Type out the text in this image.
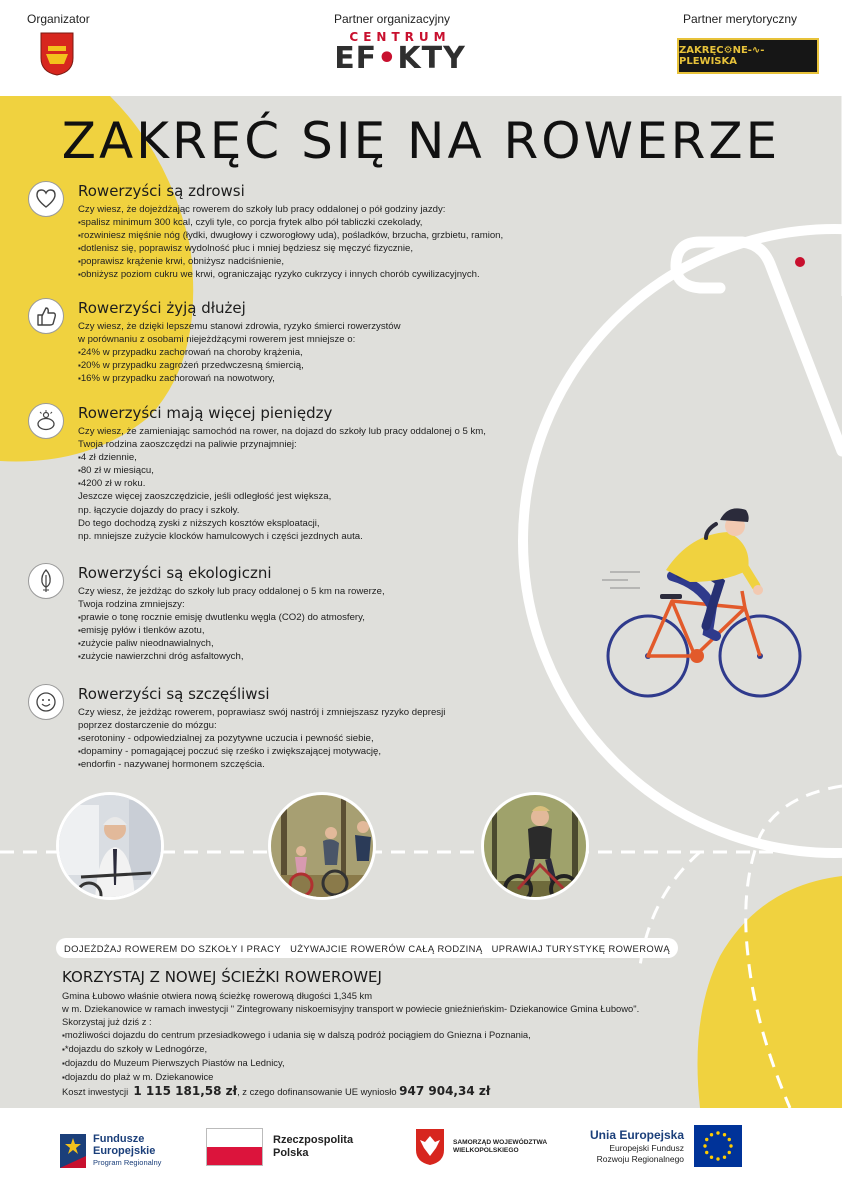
Organizator	Partner organizacyjny	Partner merytoryczny
CENTRUM
EF•KTY	ZAKRĘC⚙NE-∿-PLEWISKA
ZAKRĘĆ SIĘ NA ROWERZE
Rowerzyści są zdrowsi
Czy wiesz, że dojeżdżając rowerem do szkoły lub pracy oddalonej o pół godziny jazdy:
▪ spalisz minimum 300 kcal, czyli tyle, co porcja frytek albo pół tabliczki czekolady,
▪ rozwiniesz mięśnie nóg (łydki, dwugłowy i czworogłowy uda), pośladków, brzucha, grzbietu, ramion,
▪ dotlenisz się, poprawisz wydolność płuc i mniej będziesz się męczyć fizycznie,
▪ poprawisz krążenie krwi, obniżysz nadciśnienie,
▪ obniżysz poziom cukru we krwi, ograniczając ryzyko cukrzycy i innych chorób cywilizacyjnych.
Rowerzyści żyją dłużej
Czy wiesz, że dzięki lepszemu stanowi zdrowia, ryzyko śmierci rowerzystów
w porównaniu z osobami niejeżdżącymi rowerem jest mniejsze o:
▪ 24% w przypadku zachorowań na choroby krążenia,
▪ 20% w przypadku zagrożeń przedwczesną śmiercią,
▪ 16% w przypadku zachorowań na nowotwory,
Rowerzyści mają więcej pieniędzy
Czy wiesz, że zamieniając samochód na rower, na dojazd do szkoły lub pracy oddalonej o 5 km,
Twoja rodzina zaoszczędzi na paliwie przynajmniej:
▪ 4 zł dziennie,
▪ 80 zł w miesiącu,
▪ 4200 zł w roku.
Jeszcze więcej zaoszczędzicie, jeśli odległość jest większa,
np. łączycie dojazdy do pracy i szkoły.
Do tego dochodzą zyski z niższych kosztów eksploatacji,
np. mniejsze zużycie klocków hamulcowych i części jezdnych auta.
Rowerzyści są ekologiczni
Czy wiesz, że jeżdżąc do szkoły lub pracy oddalonej o 5 km na rowerze,
Twoja rodzina zmniejszy:
▪ prawie o tonę rocznie emisję dwutlenku węgla (CO2) do atmosfery,
▪ emisję pyłów i tlenków azotu,
▪ zużycie paliw nieodnawialnych,
▪ zużycie nawierzchni dróg asfaltowych,
Rowerzyści są szczęśliwsi
Czy wiesz, że jeżdżąc rowerem, poprawiasz swój nastrój i zmniejszasz ryzyko depresji
poprzez dostarczenie do mózgu:
▪ serotoniny - odpowiedzialnej za pozytywne uczucia i pewność siebie,
▪ dopaminy - pomagającej poczuć się rześko i zwiększającej motywację,
▪ endorfin - nazywanej hormonem szczęścia.
DOJEŻDŻAJ ROWEREM DO SZKOŁY I PRACY UŻYWAJCIE ROWERÓW CAŁĄ RODZINĄ UPRAWIAJ TURYSTYKĘ ROWEROWĄ
KORZYSTAJ Z NOWEJ ŚCIEŻKI ROWEROWEJ
Gmina Łubowo właśnie otwiera nową ścieżkę rowerową długości 1,345 km
w m. Dziekanowice w ramach inwestycji " Zintegrowany niskoemisyjny transport w powiecie gnieźnieńskim- Dziekanowice Gmina Łubowo".
Skorzystaj już dziś z :
▪ możliwości dojazdu do centrum przesiadkowego i udania się w dalszą podróż pociągiem do Gniezna i Poznania,
▪ *dojazdu do szkoły w Lednogórze,
▪ dojazdu do Muzeum Pierwszych Piastów na Lednicy,
▪ dojazdu do plaż w m. Dziekanowice
Koszt inwestycji 1 115 181,58 zł, z czego dofinansowanie UE wyniosło 947 904,34 zł
Fundusze
Europejskie
Program Regionalny
Rzeczpospolita
Polska
SAMORZĄD WOJEWÓDZTWA
WIELKOPOLSKIEGO
Unia Europejska
Europejski Fundusz
Rozwoju Regionalnego
